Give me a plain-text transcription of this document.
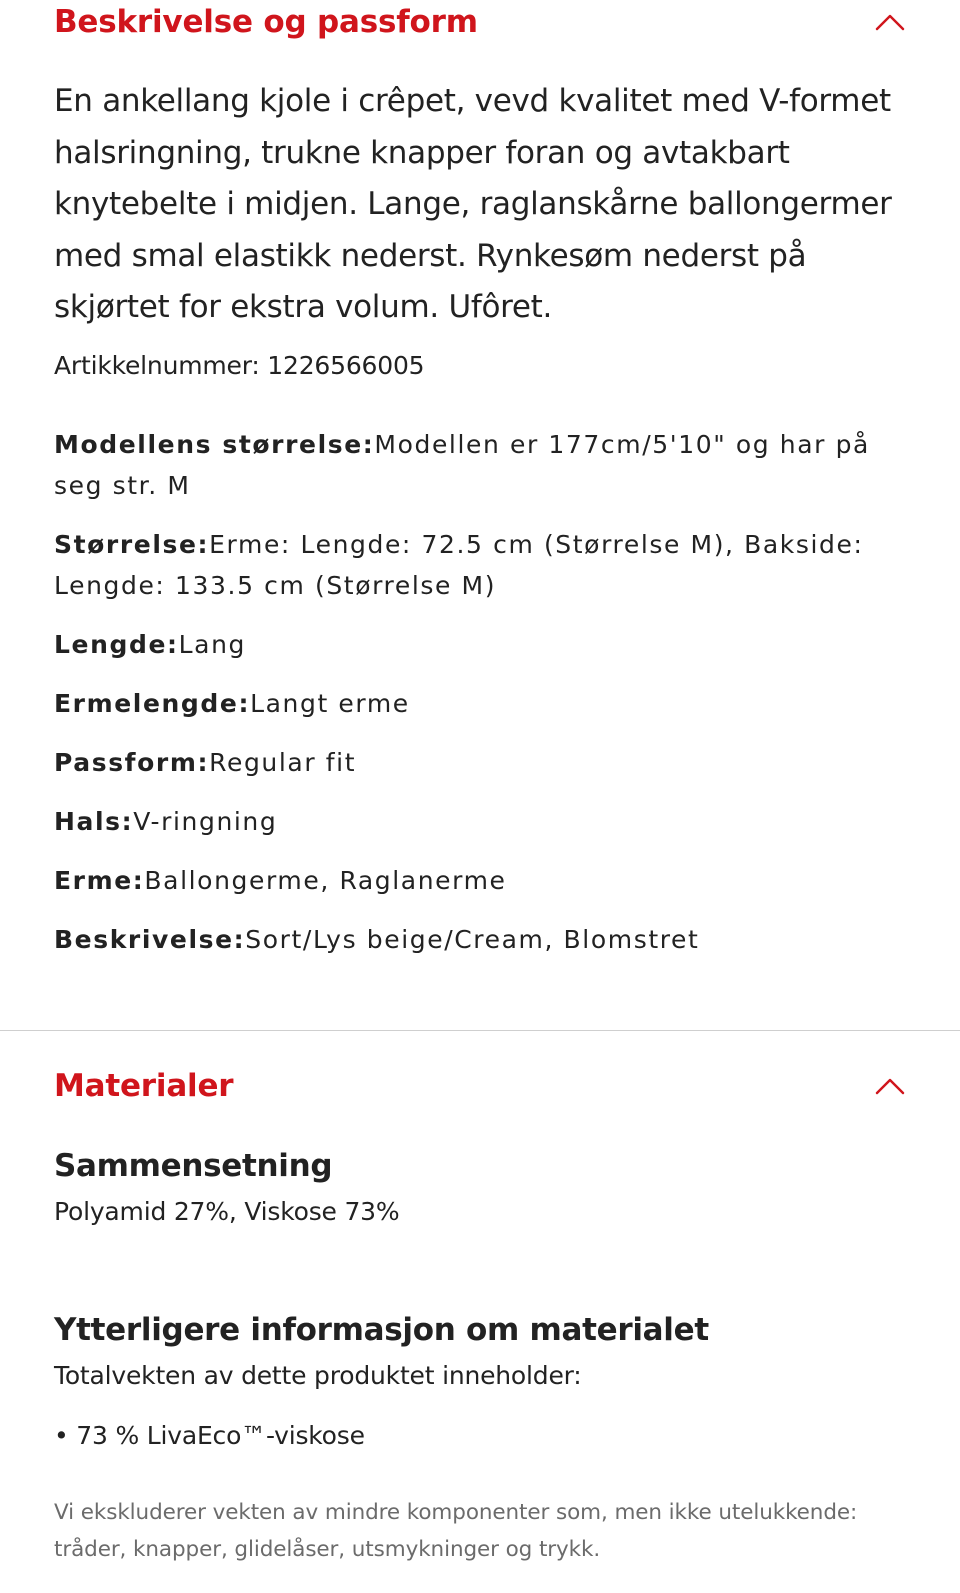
Beskrivelse og passform

En ankellang kjole i crêpet, vevd kvalitet med V-formet halsringning, trukne knapper foran og avtakbart knytebelte i midjen. Lange, raglanskårne ballongermer med smal elastikk nederst. Rynkesøm nederst på skjørtet for ekstra volum. Ufôret.

Artikkelnummer: 1226566005

Modellens størrelse:Modellen er 177cm/5'10" og har på seg str. M
Størrelse:Erme: Lengde: 72.5 cm (Størrelse M), Bakside: Lengde: 133.5 cm (Størrelse M)
Lengde:Lang
Ermelengde:Langt erme
Passform:Regular fit
Hals:V-ringning
Erme:Ballongerme, Raglanerme
Beskrivelse:Sort/Lys beige/Cream, Blomstret
Materialer
Sammensetning

Polyamid 27%, Viskose 73%

Ytterligere informasjon om materialet

Totalvekten av dette produktet inneholder:

• 73 % LivaEco™-viskose

Vi ekskluderer vekten av mindre komponenter som, men ikke utelukkende: tråder, knapper, glidelåser, utsmykninger og trykk.
